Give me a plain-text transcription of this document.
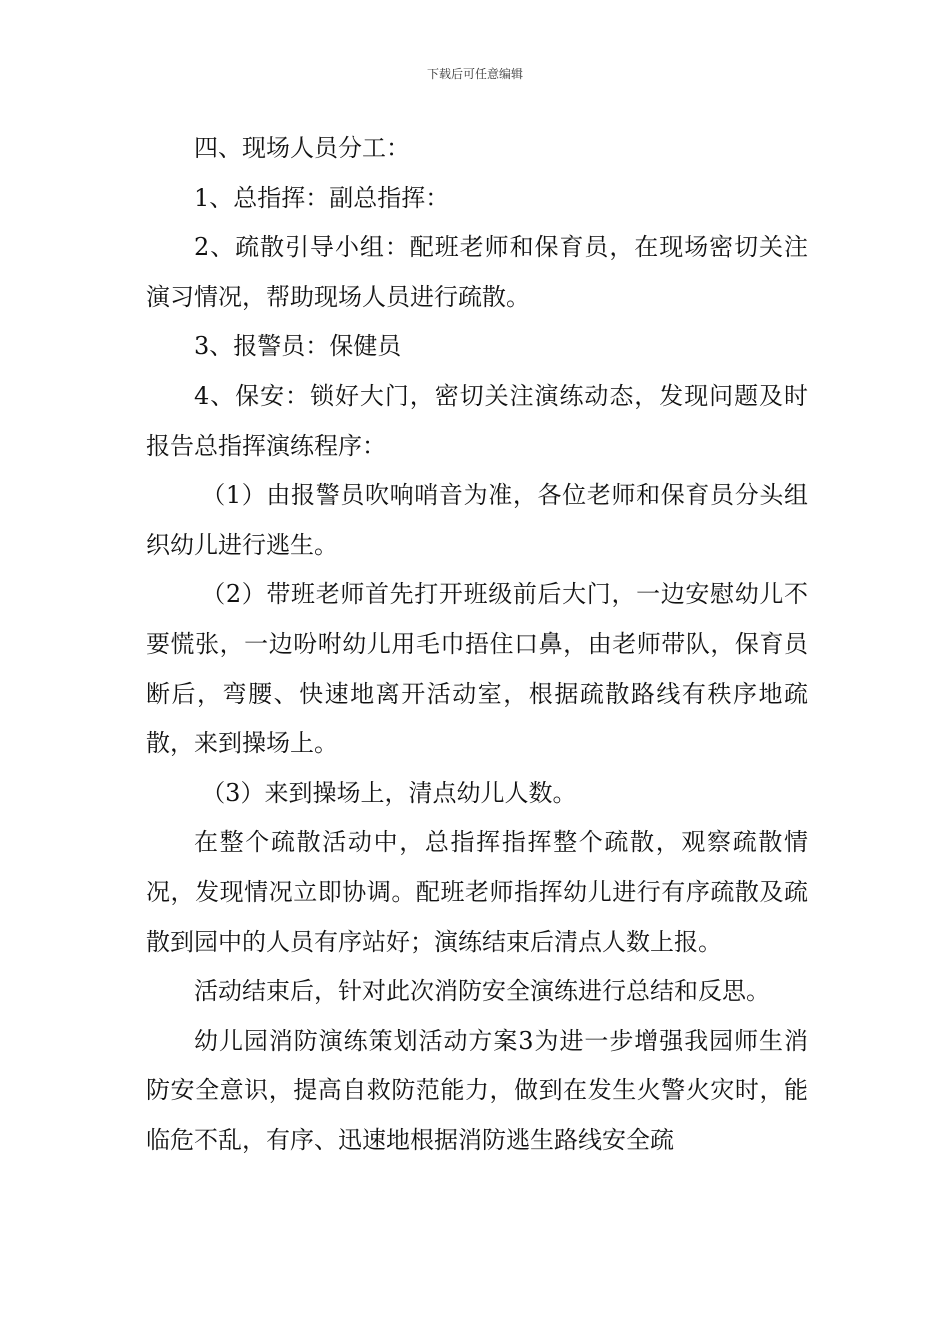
下载后可任意编辑

四、现场人员分工：

1、总指挥：副总指挥：

2、疏散引导小组：配班老师和保育员，在现场密切关注演习情况，帮助现场人员进行疏散。

3、报警员：保健员

4、保安：锁好大门，密切关注演练动态，发现问题及时报告总指挥演练程序：

（1）由报警员吹响哨音为准，各位老师和保育员分头组织幼儿进行逃生。

（2）带班老师首先打开班级前后大门，一边安慰幼儿不要慌张，一边吩咐幼儿用毛巾捂住口鼻，由老师带队，保育员断后，弯腰、快速地离开活动室，根据疏散路线有秩序地疏散，来到操场上。

（3）来到操场上，清点幼儿人数。

在整个疏散活动中，总指挥指挥整个疏散，观察疏散情况，发现情况立即协调。配班老师指挥幼儿进行有序疏散及疏散到园中的人员有序站好；演练结束后清点人数上报。

活动结束后，针对此次消防安全演练进行总结和反思。

幼儿园消防演练策划活动方案3为进一步增强我园师生消防安全意识，提高自救防范能力，做到在发生火警火灾时，能临危不乱，有序、迅速地根据消防逃生路线安全疏
